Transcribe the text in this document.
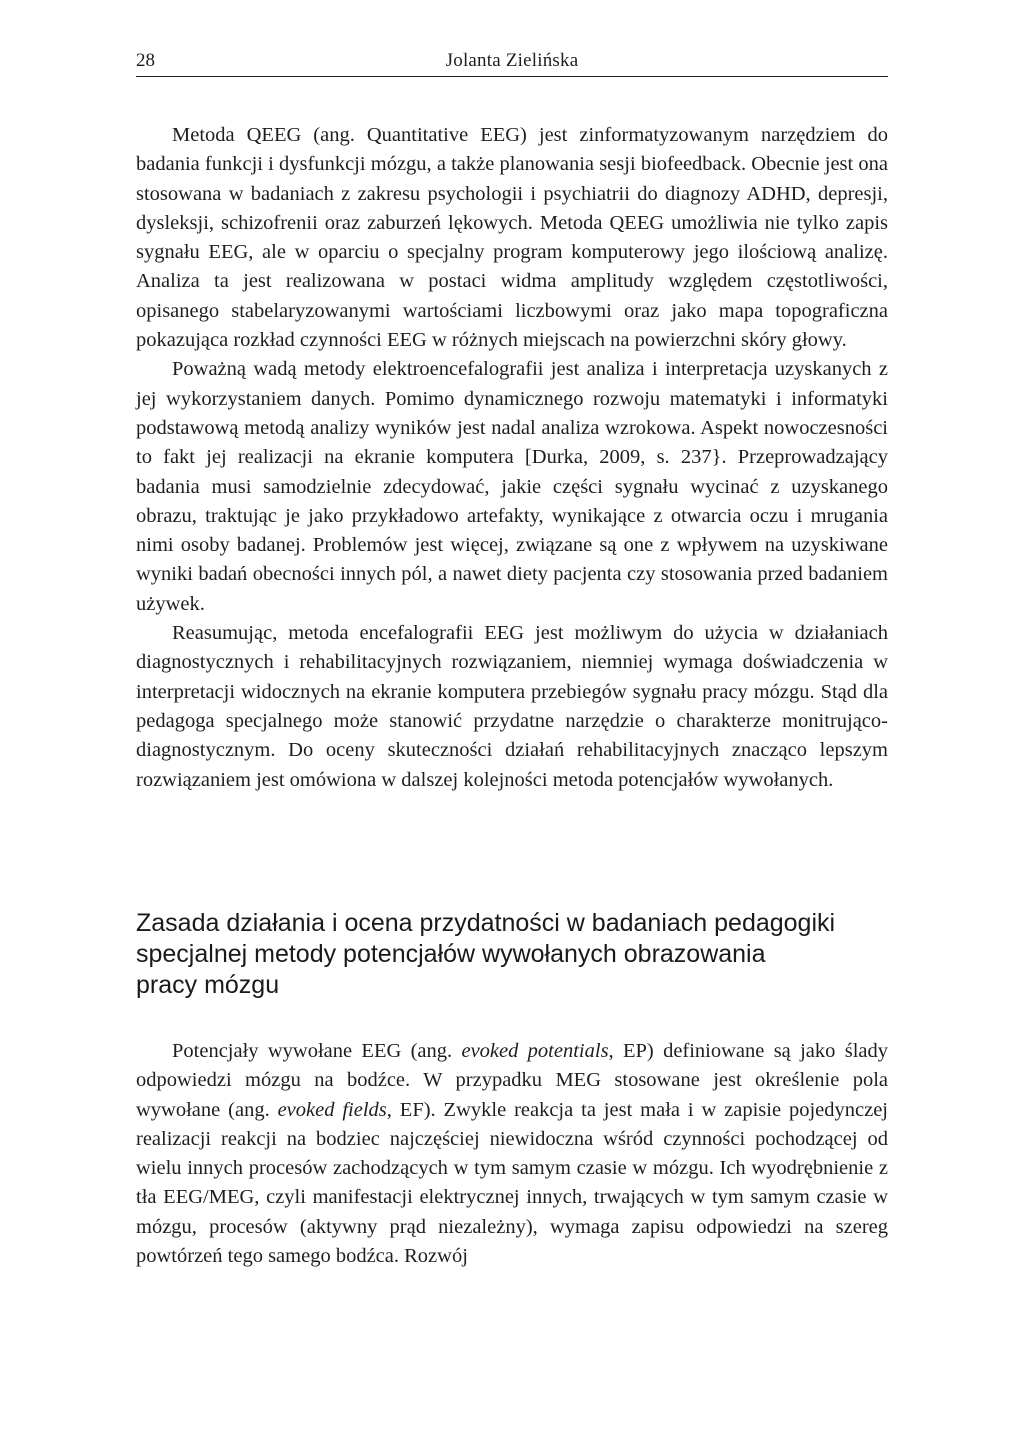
28	Jolanta Zielińska

Metoda QEEG (ang. Quantitative EEG) jest zinformatyzowanym narzędziem do badania funkcji i dysfunkcji mózgu, a także planowania sesji biofeedback. Obecnie jest ona stosowana w badaniach z zakresu psychologii i psychiatrii do diagnozy ADHD, depresji, dysleksji, schizofrenii oraz zaburzeń lękowych. Metoda QEEG umożliwia nie tylko zapis sygnału EEG, ale w oparciu o specjalny program komputerowy jego ilościową analizę. Analiza ta jest realizowana w postaci widma amplitudy względem częstotliwości, opisanego stabelaryzowanymi wartościami liczbowymi oraz jako mapa topograficzna pokazująca rozkład czynności EEG w różnych miejscach na powierzchni skóry głowy.

Poważną wadą metody elektroencefalografii jest analiza i interpretacja uzyskanych z jej wykorzystaniem danych. Pomimo dynamicznego rozwoju matematyki i informatyki podstawową metodą analizy wyników jest nadal analiza wzrokowa. Aspekt nowoczesności to fakt jej realizacji na ekranie komputera [Durka, 2009, s. 237}. Przeprowadzający badania musi samodzielnie zdecydować, jakie części sygnału wycinać z uzyskanego obrazu, traktując je jako przykładowo artefakty, wynikające z otwarcia oczu i mrugania nimi osoby badanej. Problemów jest więcej, związane są one z wpływem na uzyskiwane wyniki badań obecności innych pól, a nawet diety pacjenta czy stosowania przed badaniem używek.

Reasumując, metoda encefalografii EEG jest możliwym do użycia w działaniach diagnostycznych i rehabilitacyjnych rozwiązaniem, niemniej wymaga doświadczenia w interpretacji widocznych na ekranie komputera przebiegów sygnału pracy mózgu. Stąd dla pedagoga specjalnego może stanowić przydatne narzędzie o charakterze monitrująco-diagnostycznym. Do oceny skuteczności działań rehabilitacyjnych znacząco lepszym rozwiązaniem jest omówiona w dalszej kolejności metoda potencjałów wywołanych.

Zasada działania i ocena przydatności w badaniach pedagogiki
specjalnej metody potencjałów wywołanych obrazowania
pracy mózgu

Potencjały wywołane EEG (ang. evoked potentials, EP) definiowane są jako ślady odpowiedzi mózgu na bodźce. W przypadku MEG stosowane jest określenie pola wywołane (ang. evoked fields, EF). Zwykle reakcja ta jest mała i w zapisie pojedynczej realizacji reakcji na bodziec najczęściej niewidoczna wśród czynności pochodzącej od wielu innych procesów zachodzących w tym samym czasie w mózgu. Ich wyodrębnienie z tła EEG/MEG, czyli manifestacji elektrycznej innych, trwających w tym samym czasie w mózgu, procesów (aktywny prąd niezależny), wymaga zapisu odpowiedzi na szereg powtórzeń tego samego bodźca. Rozwój
